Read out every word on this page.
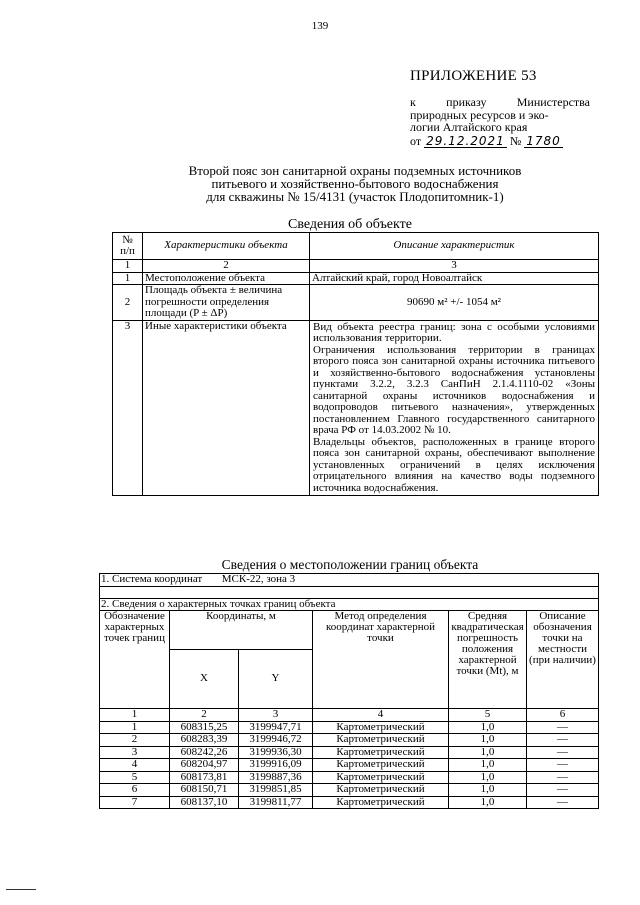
139
ПРИЛОЖЕНИЕ 53
к	приказу	Министерства
природных ресурсов и эко-
логии Алтайского края
от 29.12.2021 № 1780
Второй пояс зон санитарной охраны подземных источников
питьевого и хозяйственно-бытового водоснабжения
для скважины № 15/4131 (участок Плодопитомник-1)
Сведения об объекте
№
п/п	Характеристики объекта	Описание характеристик
1	2	3
1	Местоположение объекта	Алтайский край, город Новоалтайск
2	Площадь объекта ± величина погрешности определения площади (P ± ΔP)	90690 м² +/- 1054 м²
3	Иные характеристики объекта	Вид объекта реестра границ: зона с особыми условиями использования территории.

Ограничения использования территории в границах второго пояса зон санитарной охраны источника питьевого и хозяйственно-бытового водоснабжения установлены пунктами 3.2.2, 3.2.3 СанПиН 2.1.4.1110-02 «Зоны санитарной охраны источников водоснабжения и водопроводов питьевого назначения», утвержденных постановлением Главного государственного санитарного врача РФ от 14.03.2002 № 10.

Владельцы объектов, расположенных в границе второго пояса зон санитарной охраны, обеспечивают выполнение установленных ограничений в целях исключения отрицательного влияния на качество воды подземного источника водоснабжения.

Сведения о местоположении границ объекта
1. Система координат МСК-22, зона 3					

2. Сведения о характерных точках границ объекта					
Обозначение характерных точек границ	Координаты, м		Метод определения координат характерной точки	Средняя квадратическая погрешность положения характерной точки (Mt), м	Описание обозначения точки на местности (при наличии)
	X	Y			
1	2	3	4	5	6
1	608315,25	3199947,71	Картометрический	1,0	—
2	608283,39	3199946,72	Картометрический	1,0	—
3	608242,26	3199936,30	Картометрический	1,0	—
4	608204,97	3199916,09	Картометрический	1,0	—
5	608173,81	3199887,36	Картометрический	1,0	—
6	608150,71	3199851,85	Картометрический	1,0	—
7	608137,10	3199811,77	Картометрический	1,0	—
